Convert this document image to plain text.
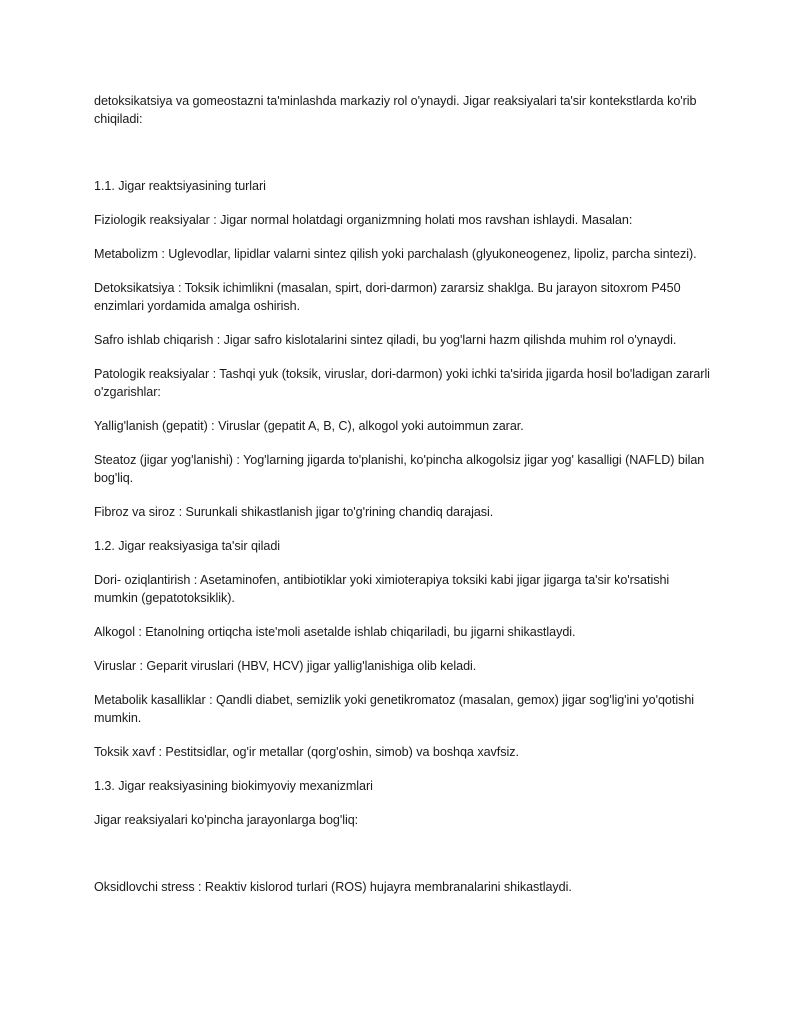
detoksikatsiya va gomeostazni ta'minlashda markaziy rol o'ynaydi. Jigar reaksiyalari ta'sir kontekstlarda ko'rib chiqiladi:

1.1. Jigar reaktsiyasining turlari

Fiziologik reaksiyalar : Jigar normal holatdagi organizmning holati mos ravshan ishlaydi. Masalan:

Metabolizm : Uglevodlar, lipidlar valarni sintez qilish yoki parchalash (glyukoneogenez, lipoliz, parcha sintezi).

Detoksikatsiya : Toksik ichimlikni (masalan, spirt, dori-darmon) zararsiz shaklga. Bu jarayon sitoxrom P450 enzimlari yordamida amalga oshirish.

Safro ishlab chiqarish : Jigar safro kislotalarini sintez qiladi, bu yog'larni hazm qilishda muhim rol o'ynaydi.

Patologik reaksiyalar : Tashqi yuk (toksik, viruslar, dori-darmon) yoki ichki ta'sirida jigarda hosil bo'ladigan zararli o'zgarishlar:

Yallig'lanish (gepatit) : Viruslar (gepatit A, B, C), alkogol yoki autoimmun zarar.

Steatoz (jigar yog'lanishi) : Yog'larning jigarda to'planishi, ko'pincha alkogolsiz jigar yog' kasalligi (NAFLD) bilan bog'liq.

Fibroz va siroz : Surunkali shikastlanish jigar to'g'rining chandiq darajasi.

1.2. Jigar reaksiyasiga ta'sir qiladi

Dori- oziqlantirish : Asetaminofen, antibiotiklar yoki ximioterapiya toksiki kabi jigar jigarga ta'sir ko'rsatishi mumkin (gepatotoksiklik).

Alkogol : Etanolning ortiqcha iste'moli asetalde ishlab chiqariladi, bu jigarni shikastlaydi.

Viruslar : Geparit viruslari (HBV, HCV) jigar yallig'lanishiga olib keladi.

Metabolik kasalliklar : Qandli diabet, semizlik yoki genetikromatoz (masalan, gemox) jigar sog'lig'ini yo'qotishi mumkin.

Toksik xavf : Pestitsidlar, og'ir metallar (qorg'oshin, simob) va boshqa xavfsiz.

1.3. Jigar reaksiyasining biokimyoviy mexanizmlari

Jigar reaksiyalari ko'pincha jarayonlarga bog'liq:

Oksidlovchi stress : Reaktiv kislorod turlari (ROS) hujayra membranalarini shikastlaydi.
